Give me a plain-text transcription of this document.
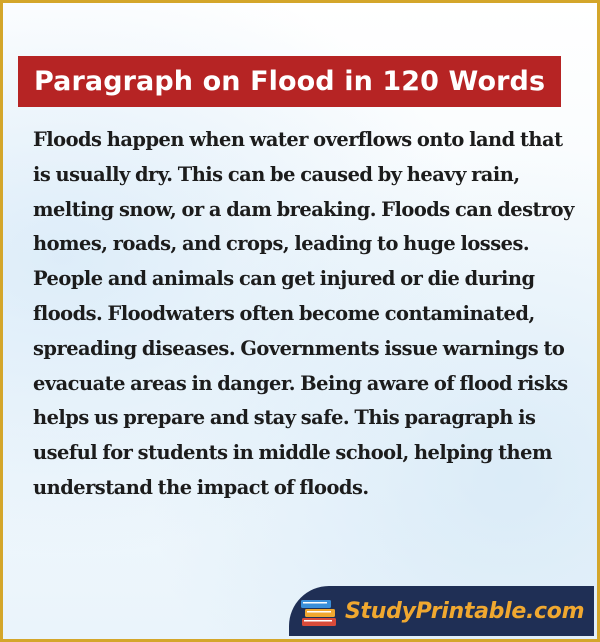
Paragraph on Flood in 120 Words

Floods happen when water overflows onto land that is usually dry. This can be caused by heavy rain, melting snow, or a dam breaking. Floods can destroy homes, roads, and crops, leading to huge losses. People and animals can get injured or die during floods. Floodwaters often become contaminated, spreading diseases. Governments issue warnings to evacuate areas in danger. Being aware of flood risks helps us prepare and stay safe. This paragraph is useful for students in middle school, helping them understand the impact of floods.

StudyPrintable.com
